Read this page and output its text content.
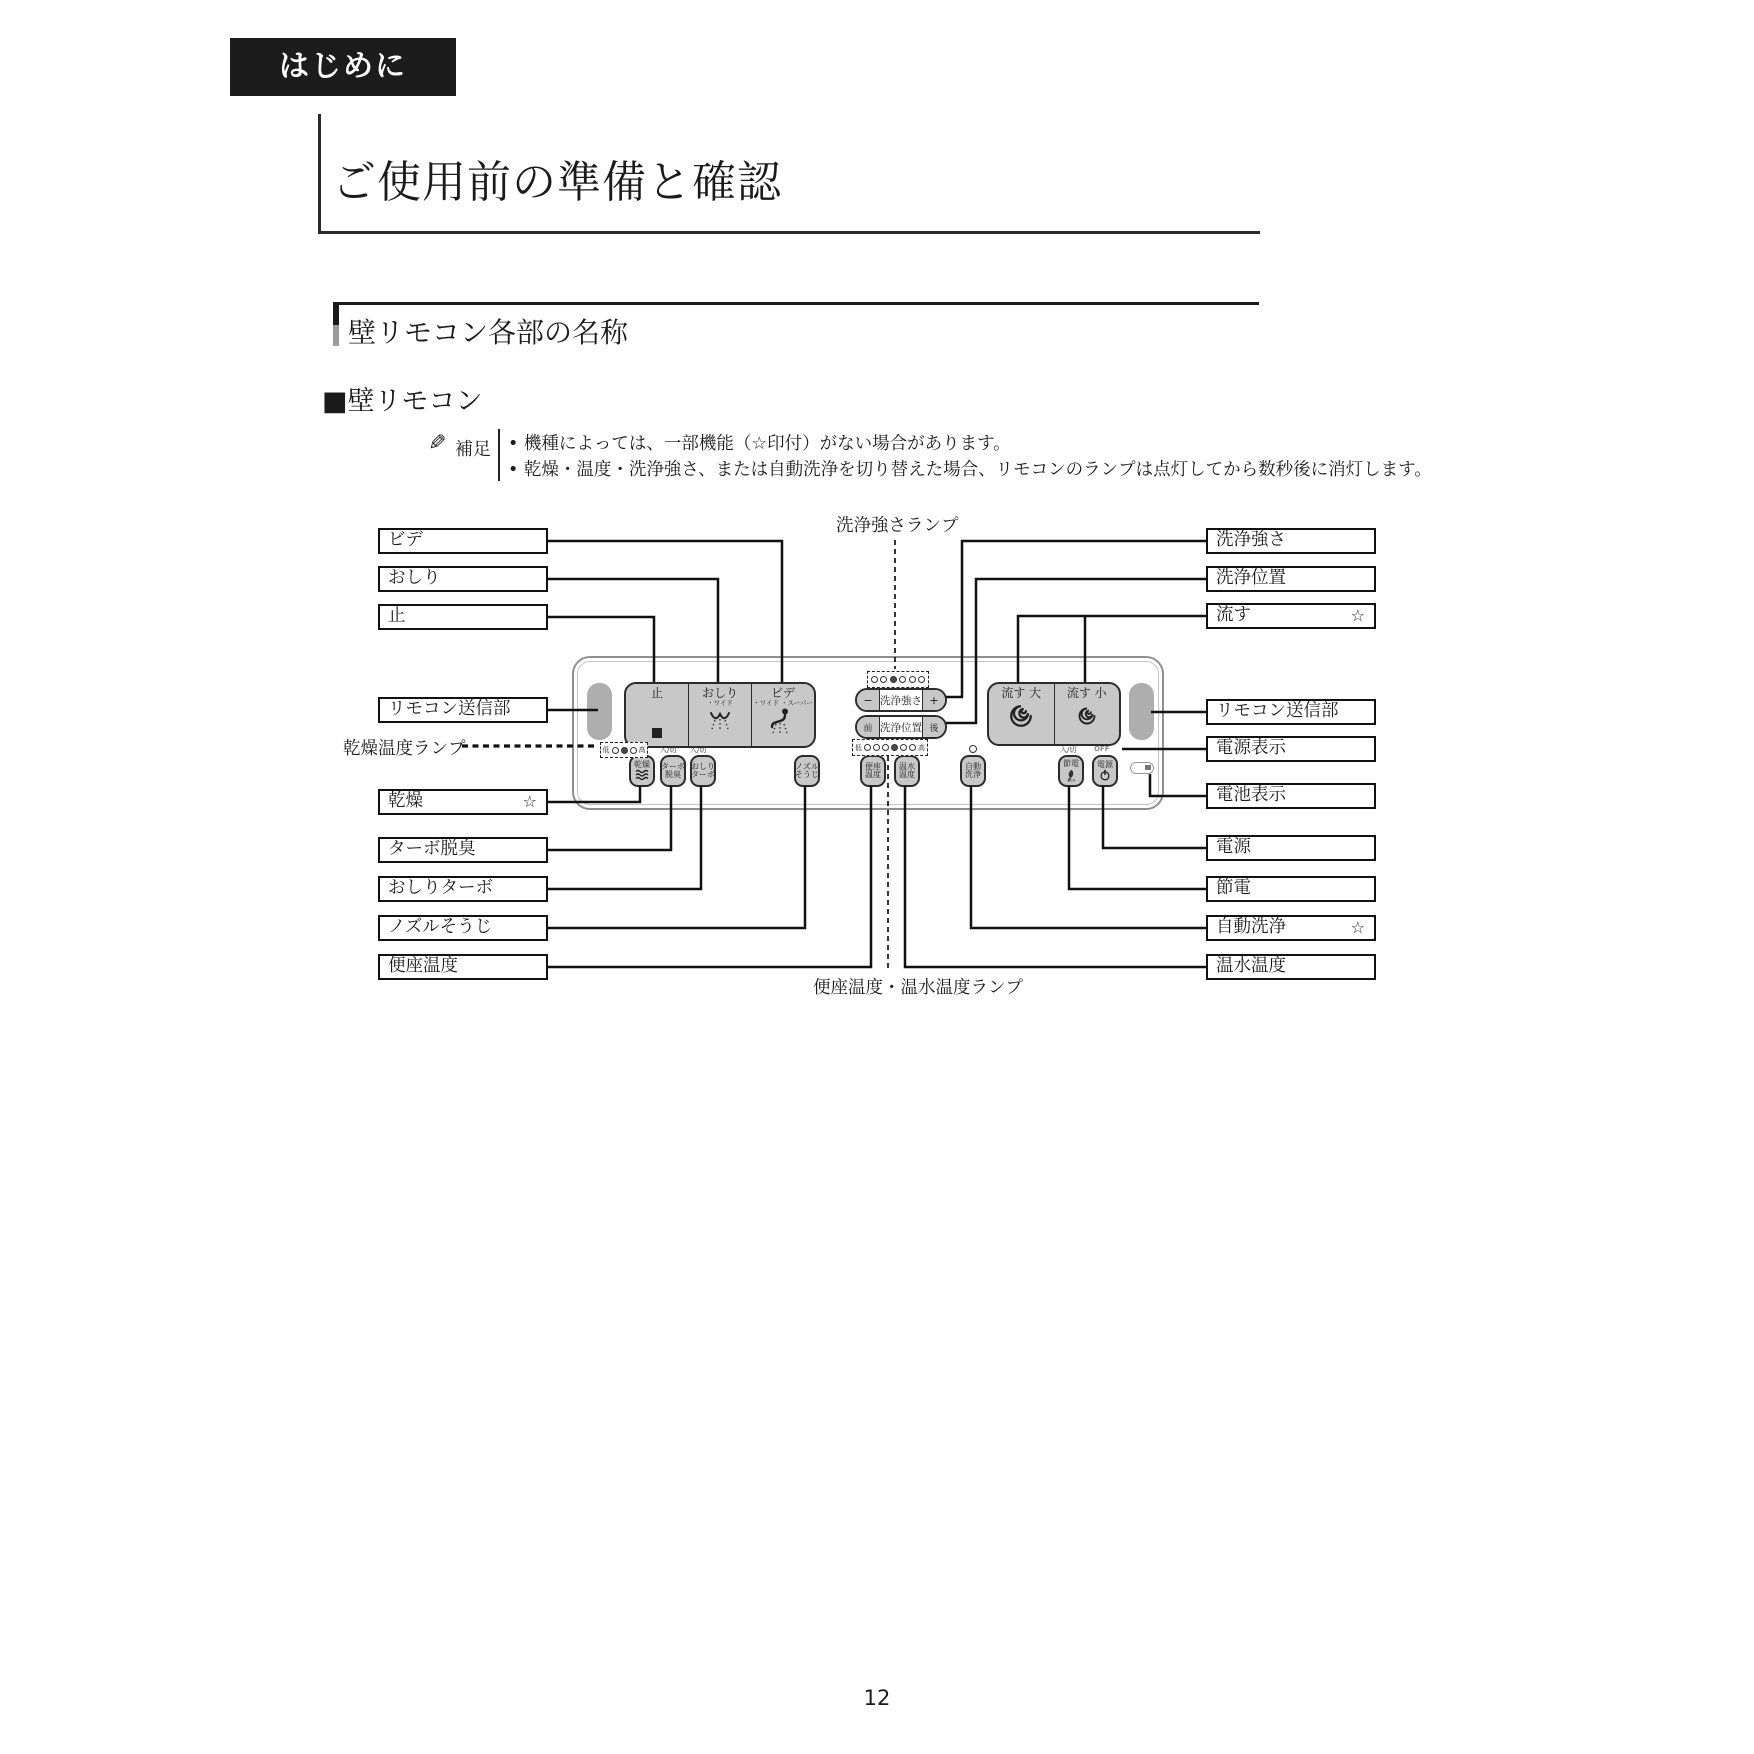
はじめに
ご使用前の準備と確認
壁リモコン各部の名称
■壁リモコン
✎ 補足 • 機種によっては、一部機能（☆印付）がない場合があります。
• 乾燥・温度・洗浄強さ、または自動洗浄を切り替えた場合、リモコンのランプは点灯してから数秒後に消灯します。
洗浄強さランプ
便座温度・温水温度ランプ
乾燥温度ランプ
ビデ
おしり
止
リモコン送信部
乾燥	☆
ターボ脱臭
おしりターボ
ノズルそうじ
便座温度
洗浄強さ
洗浄位置
流す	☆
リモコン送信部
電源表示
電池表示
電源
節電
自動洗浄	☆
温水温度
止	おしり
・ワイド
ビデ
・ワイド ・スーパー	− 洗浄強さ +
前 洗浄位置 後
流す 大 流す 小
低	高	低	高
入/切 入/切	入/切	OFF
乾燥 ターボ
脱臭
おしり
ターボ
ノズル
そうじ
便座
温度
温水
温度
自動
洗浄
節電
Eco
電源
12
